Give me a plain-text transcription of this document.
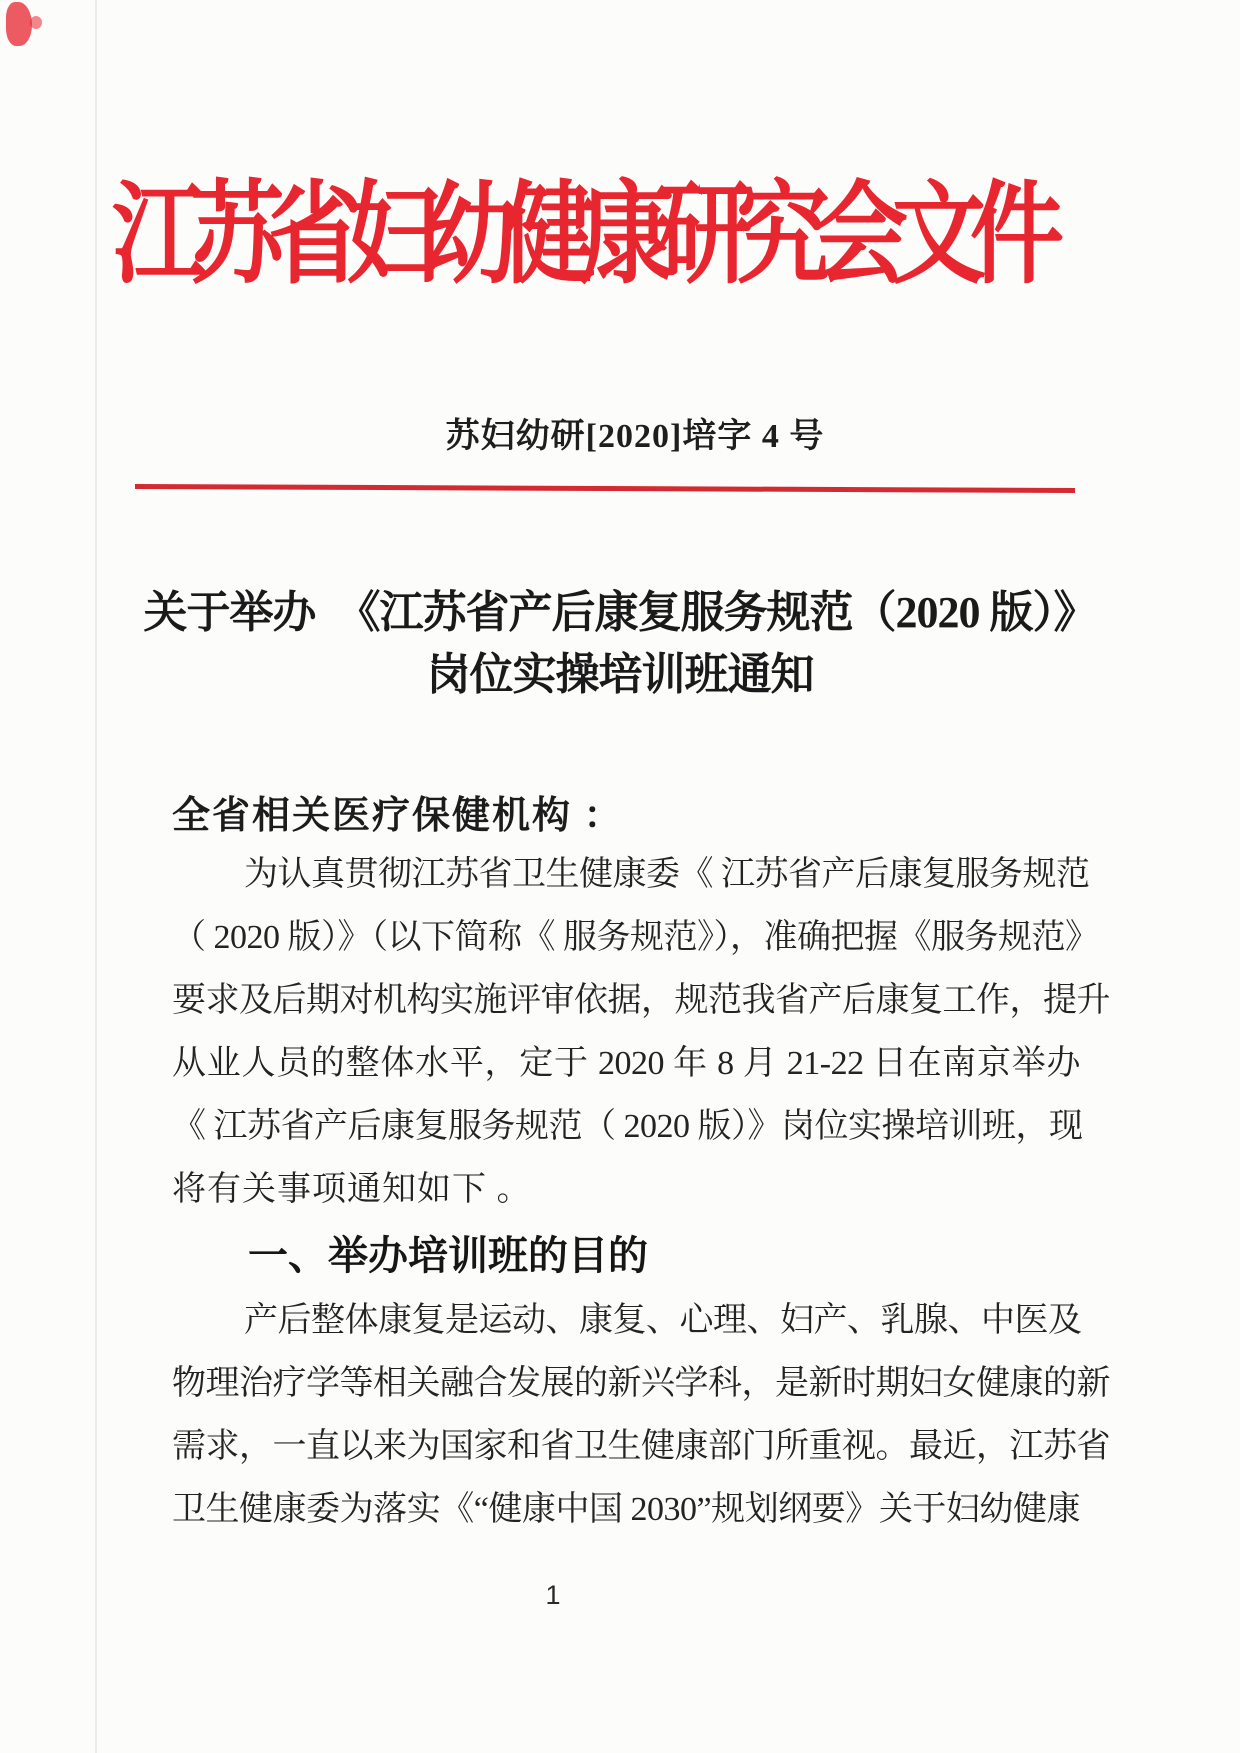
江苏省妇幼健康研究会文件
苏妇幼研[2020]培字 4 号
关于举办　《江苏省产后康复服务规范（2020 版）》
岗位实操培训班通知
全省相关医疗保健机构 ：
为认真贯彻江苏省卫生健康委《 江苏省产后康复服务规范
（ 2020 版）》（以下简称《 服务规范》），准确把握《服务规范》
要求及后期对机构实施评审依据，规范我省产后康复工作，提升
从业人员的整体水平，定于 2020 年 8 月 21-22 日在南京举办
《 江苏省产后康复服务规范（ 2020 版）》岗位实操培训班，现
将有关事项通知如下 。
一、举办培训班的目的
产后整体康复是运动、康复、心理、妇产、乳腺、中医及
物理治疗学等相关融合发展的新兴学科，是新时期妇女健康的新
需求，一直以来为国家和省卫生健康部门所重视。最近，江苏省
卫生健康委为落实《“健康中国 2030”规划纲要》关于妇幼健康
1
